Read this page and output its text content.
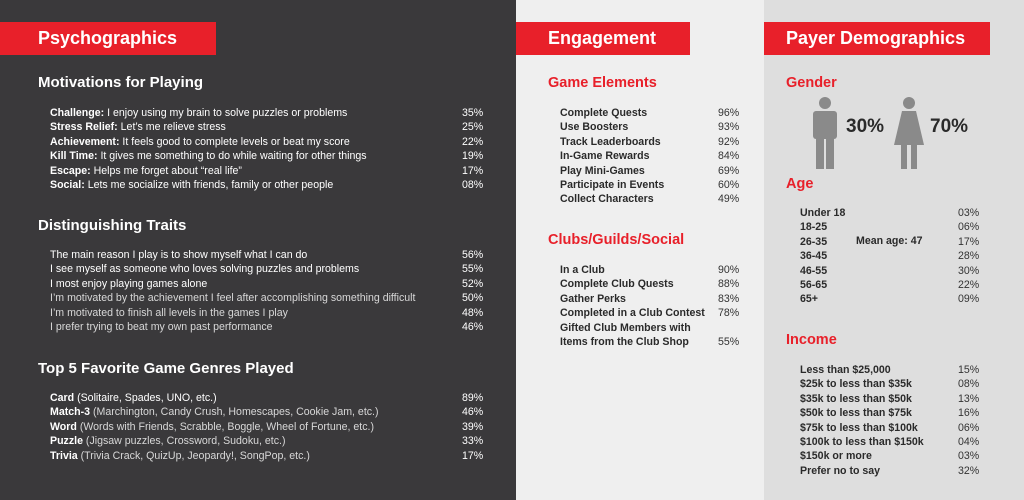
Psychographics
Motivations for Playing
Challenge: I enjoy using my brain to solve puzzles or problems	35%
Stress Relief: Let’s me relieve stress	25%
Achievement: It feels good to complete levels or beat my score	22%
Kill Time: It gives me something to do while waiting for other things	19%
Escape: Helps me forget about “real life”	17%
Social: Lets me socialize with friends, family or other people	08%
Distinguishing Traits
The main reason I play is to show myself what I can do	56%
I see myself as someone who loves solving puzzles and problems	55%
I most enjoy playing games alone	52%
I’m motivated by the achievement I feel after accomplishing something difficult	50%
I’m motivated to finish all levels in the games I play	48%
I prefer trying to beat my own past performance	46%
Top 5 Favorite Game Genres Played
Card (Solitaire, Spades, UNO, etc.)	89%
Match-3 (Marchington, Candy Crush, Homescapes, Cookie Jam, etc.)	46%
Word (Words with Friends, Scrabble, Boggle, Wheel of Fortune, etc.)	39%
Puzzle (Jigsaw puzzles, Crossword, Sudoku, etc.)	33%
Trivia (Trivia Crack, QuizUp, Jeopardy!, SongPop, etc.)	17%
Engagement
Game Elements
Complete Quests	96%
Use Boosters	93%
Track Leaderboards	92%
In-Game Rewards	84%
Play Mini-Games	69%
Participate in Events	60%
Collect Characters	49%
Clubs/Guilds/Social
In a Club	90%
Complete Club Quests	88%
Gather Perks	83%
Completed in a Club Contest 78%
Gifted Club Members with
Items from the Club Shop	55%
Payer Demographics
Gender
30% 70%
Age
Under 18	03%
18-25	06%
26-35	17%
36-45	28%
46-55	30%
56-65	22%
65+	09%
Mean age: 47
Income
Less than $25,000	15%
$25k to less than $35k	08%
$35k to less than $50k	13%
$50k to less than $75k	16%
$75k to less than $100k	06%
$100k to less than $150k	04%
$150k or more	03%
Prefer no to say	32%
